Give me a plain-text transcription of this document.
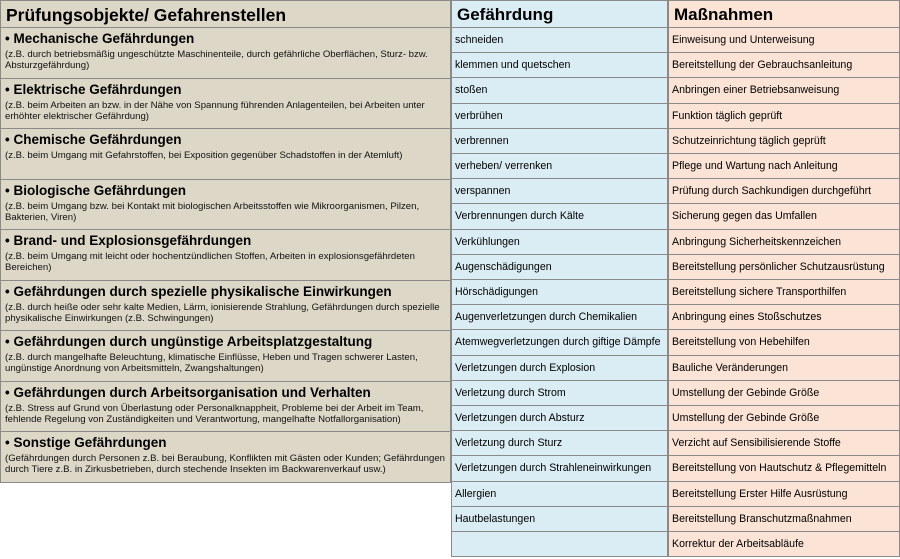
Prüfungsobjekte/ Gefahrenstellen	Gefährdung	Maßnahmen
• Mechanische Gefährdungen
(z.B. durch betriebsmäßig ungeschützte Maschinenteile, durch gefährliche Oberflächen, Sturz- bzw. Absturzgefährdung)
• Elektrische Gefährdungen
(z.B. beim Arbeiten an bzw. in der Nähe von Spannung führenden Anlagenteilen, bei Arbeiten unter erhöhter elektrischer Gefährdung)
• Chemische Gefährdungen
(z.B. beim Umgang mit Gefahrstoffen, bei Exposition gegenüber Schadstoffen in der Atemluft)
• Biologische Gefährdungen
(z.B. beim Umgang bzw. bei Kontakt mit biologischen Arbeitsstoffen wie Mikroorganismen, Pilzen, Bakterien, Viren)
• Brand- und Explosionsgefährdungen
(z.B. beim Umgang mit leicht oder hochentzündlichen Stoffen, Arbeiten in explosionsgefährdeten Bereichen)
• Gefährdungen durch spezielle physikalische Einwirkungen
(z.B. durch heiße oder sehr kalte Medien, Lärm, ionisierende Strahlung, Gefährdungen durch spezielle physikalische Einwirkungen (z.B. Schwingungen)
• Gefährdungen durch ungünstige Arbeitsplatzgestaltung
(z.B. durch mangelhafte Beleuchtung, klimatische Einflüsse, Heben und Tragen schwerer Lasten, ungünstige Anordnung von Arbeitsmitteln, Zwangshaltungen)
• Gefährdungen durch Arbeitsorganisation und Verhalten
(z.B. Stress auf Grund von Überlastung oder Personalknappheit, Probleme bei der Arbeit im Team, fehlende Regelung von Zuständigkeiten und Verantwortung, mangelhafte Notfallorganisation)
• Sonstige Gefährdungen
(Gefährdungen durch Personen z.B. bei Beraubung, Konflikten mit Gästen oder Kunden; Gefährdungen durch Tiere z.B. in Zirkusbetrieben, durch stechende Insekten im Backwarenverkauf usw.)
schneiden
klemmen und quetschen
stoßen
verbrühen
verbrennen
verheben/ verrenken
verspannen
Verbrennungen durch Kälte
Verkühlungen
Augenschädigungen
Hörschädigungen
Augenverletzungen durch Chemikalien
Atemwegverletzungen durch giftige Dämpfe
Verletzungen durch Explosion
Verletzung durch Strom
Verletzungen durch Absturz
Verletzung durch Sturz
Verletzungen durch Strahleneinwirkungen
Allergien
Hautbelastungen
Einweisung und Unterweisung
Bereitstellung der Gebrauchsanleitung
Anbringen einer Betriebsanweisung
Funktion täglich geprüft
Schutzeinrichtung täglich geprüft
Pflege und Wartung nach Anleitung
Prüfung durch Sachkundigen durchgeführt
Sicherung gegen das Umfallen
Anbringung Sicherheitskennzeichen
Bereitstellung persönlicher Schutzausrüstung
Bereitstellung sichere Transporthilfen
Anbringung eines Stoßschutzes
Bereitstellung von Hebehilfen
Bauliche Veränderungen
Umstellung der Gebinde Größe
Umstellung der Gebinde Größe
Verzicht auf Sensibilisierende Stoffe
Bereitstellung von Hautschutz & Pflegemitteln
Bereitstellung Erster Hilfe Ausrüstung
Bereitstellung Branschutzmaßnahmen
Korrektur der Arbeitsabläufe
